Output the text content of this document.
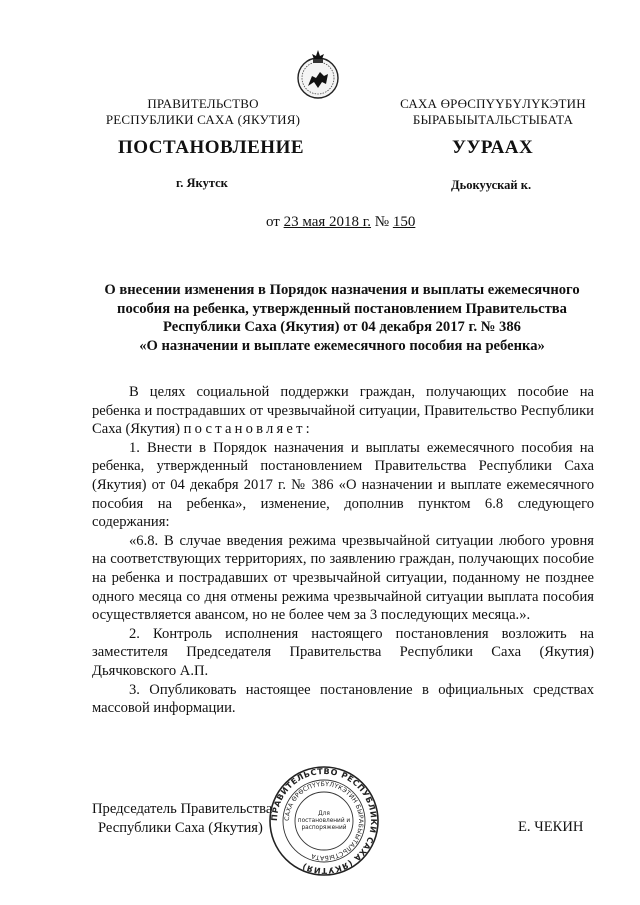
ПРАВИТЕЛЬСТВО
РЕСПУБЛИКИ САХА (ЯКУТИЯ)
САХА ӨРӨСПҮҮБҮЛҮКЭТИН
БЫРАБЫЫТАЛЬСТЫБАТА
ПОСТАНОВЛЕНИЕ	УУРААХ
г. Якутск	Дьокуускай к.
от 23 мая 2018 г. № 150
О внесении изменения в Порядок назначения и выплаты ежемесячного
пособия на ребенка, утвержденный постановлением Правительства
Республики Саха (Якутия) от 04 декабря 2017 г. № 386
«О назначении и выплате ежемесячного пособия на ребенка»

В целях социальной поддержки граждан, получающих пособие на ребенка и пострадавших от чрезвычайной ситуации, Правительство Республики Саха (Якутия) постановляет:

1. Внести в Порядок назначения и выплаты ежемесячного пособия на ребенка, утвержденный постановлением Правительства Республики Саха (Якутия) от 04 декабря 2017 г. № 386 «О назначении и выплате ежемесячного пособия на ребенка», изменение, дополнив пунктом 6.8 следующего содержания:

«6.8. В случае введения режима чрезвычайной ситуации любого уровня на соответствующих территориях, по заявлению граждан, получающих пособие на ребенка и пострадавших от чрезвычайной ситуации, поданному не позднее одного месяца со дня отмены режима чрезвычайной ситуации выплата пособия осуществляется авансом, но не более чем за 3 последующих месяца.».

2. Контроль исполнения настоящего постановления возложить на заместителя Председателя Правительства Республики Саха (Якутия) Дьячковского А.П.

3. Опубликовать настоящее постановление в официальных средствах массовой информации.

Председатель Правительства
Республики Саха (Якутия)	Е. ЧЕКИН
ПРАВИТЕЛЬСТВО РЕСПУБЛИКИ САХА (ЯКУТИЯ)
САХА ӨРӨСПҮҮБҮЛҮКЭТИН БЫРАБЫЫТАЛЬСТЫБАТА
Для
постановлений и
распоряжений
